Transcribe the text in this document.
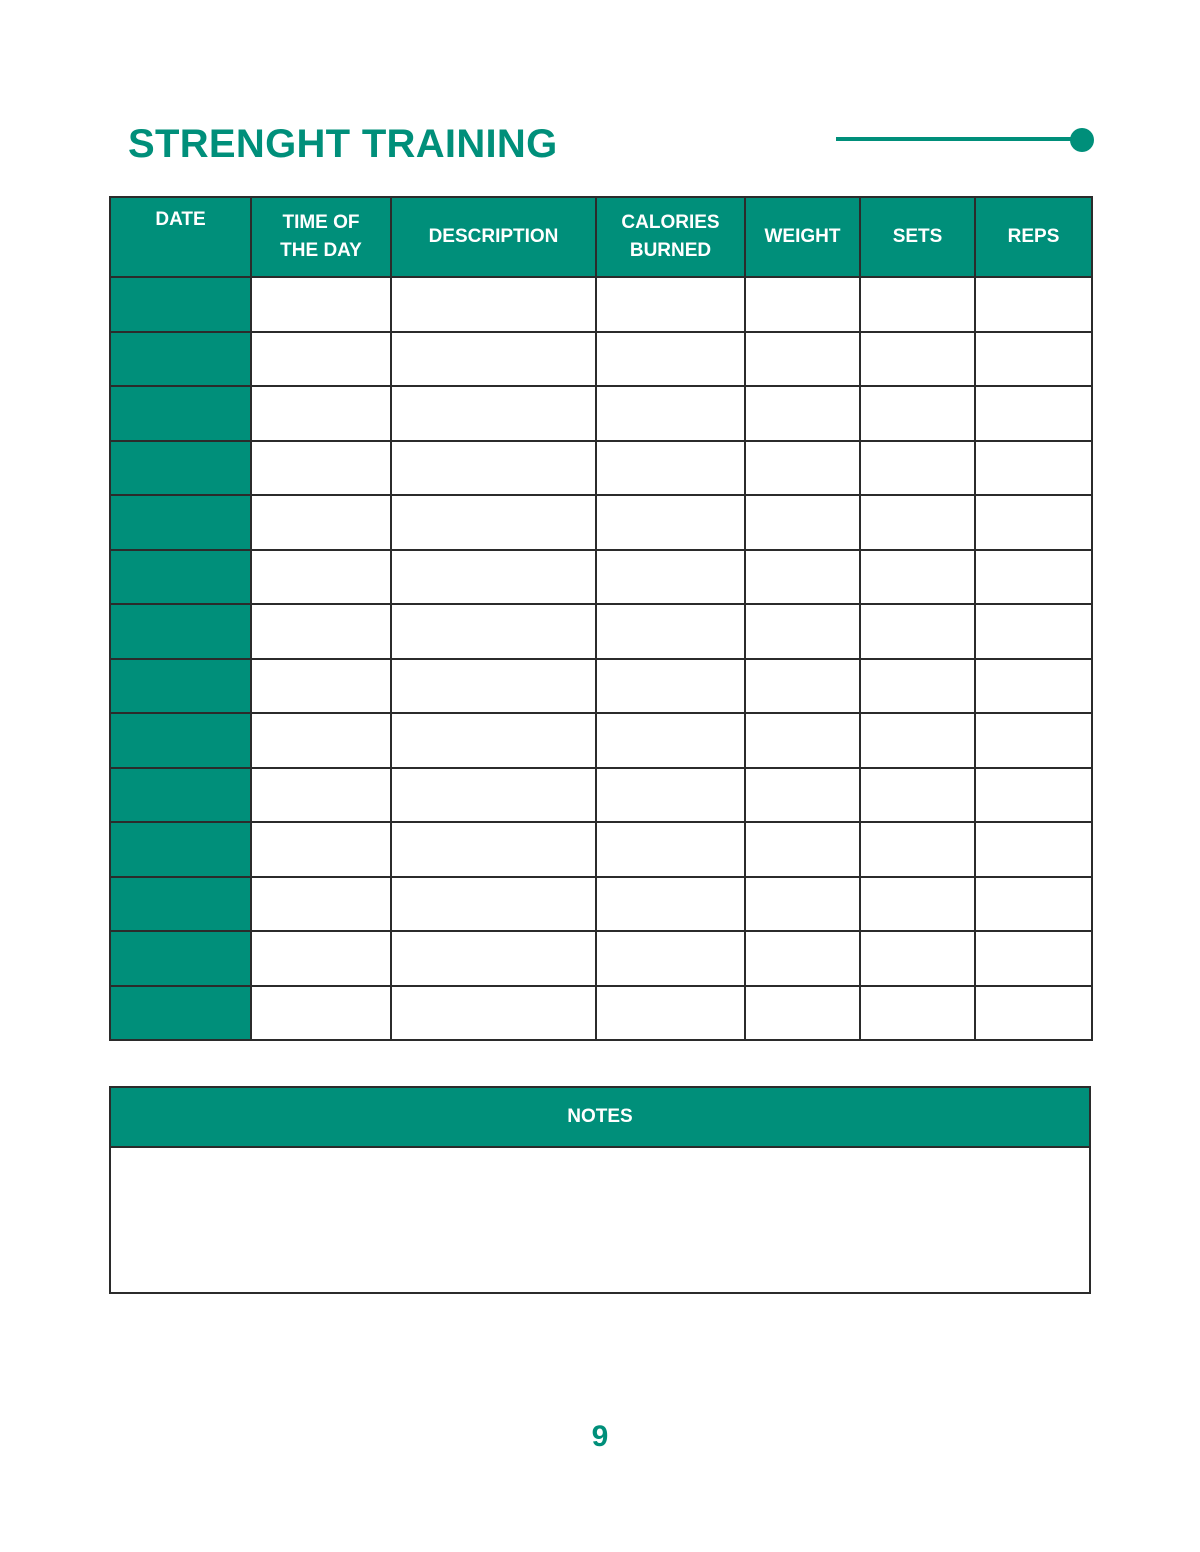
STRENGHT TRAINING
DATE	TIME OF THE DAY	DESCRIPTION	CALORIES BURNED	WEIGHT	SETS	REPS

NOTES
9
